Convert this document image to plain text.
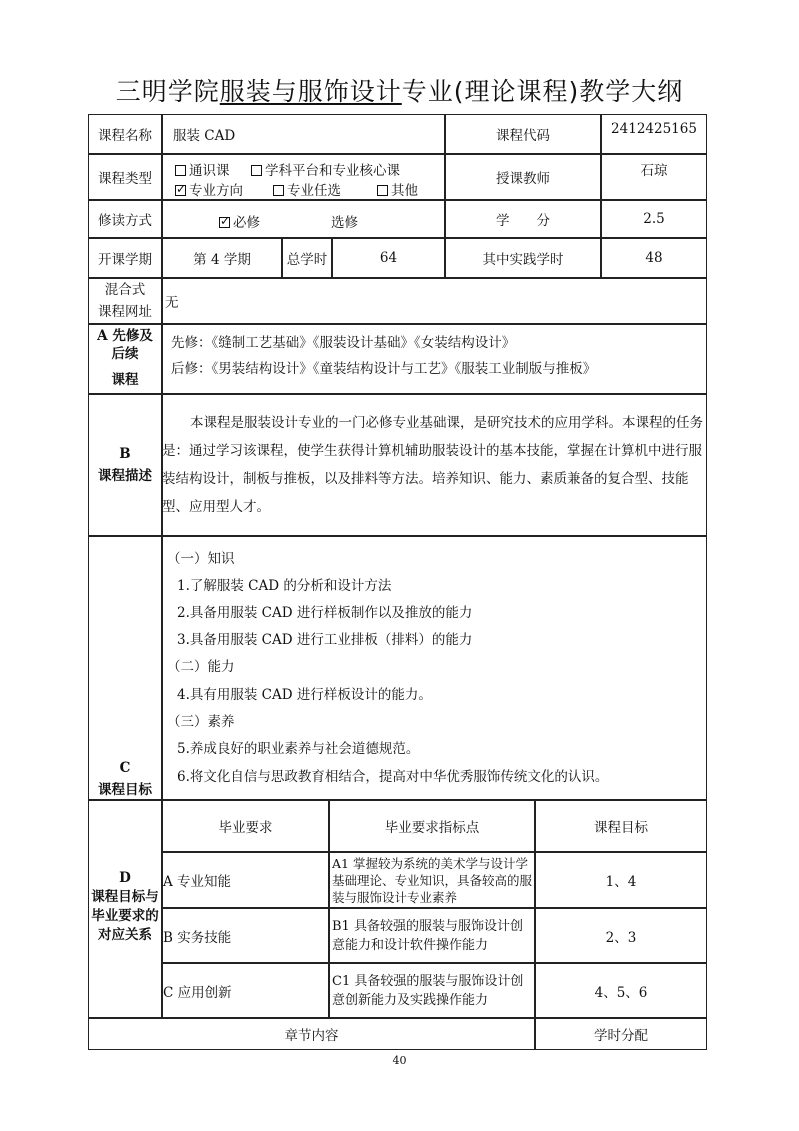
三明学院服装与服饰设计专业(理论课程)教学大纲
课程名称	服装 CAD	课程代码	2412425165
课程类型	通识课	学科平台和专业核心课
✓专业方向	专业任选	其他
授课教师	石琼
修读方式
✓	必修	选修	学　　分	2.5
开课学期	第 4 学期	总学时	64	其中实践学时	48
混合式
课程网址
无
A 先修及后续
课程
先修：《缝制工艺基础》《服装设计基础》《女装结构设计》
后修：《男装结构设计》《童装结构设计与工艺》《服装工业制版与推板》
B
课程描述
本课程是服装设计专业的一门必修专业基础课，是研究技术的应用学科。本课程的任务是：通过学习该课程，使学生获得计算机辅助服装设计的基本技能，掌握在计算机中进行服装结构设计，制板与推板，以及排料等方法。培养知识、能力、素质兼备的复合型、技能型、应用型人才。
C
课程目标
（一）知识
1.了解服装 CAD 的分析和设计方法
2.具备用服装 CAD 进行样板制作以及推放的能力
3.具备用服装 CAD 进行工业排板（排料）的能力
（二）能力
4.具有用服装 CAD 进行样板设计的能力。
（三）素养
5.养成良好的职业素养与社会道德规范。
6.将文化自信与思政教育相结合，提高对中华优秀服饰传统文化的认识。
D
课程目标与
毕业要求的
对应关系
毕业要求	毕业要求指标点	课程目标
A 专业知能
A1 掌握较为系统的美术学与设计学基础理论、专业知识，具备较高的服装与服饰设计专业素养
1、4
B 实务技能
B1 具备较强的服装与服饰设计创意能力和设计软件操作能力	2、3
C 应用创新
C1 具备较强的服装与服饰设计创意创新能力及实践操作能力	4、5、6
章节内容	学时分配
40
